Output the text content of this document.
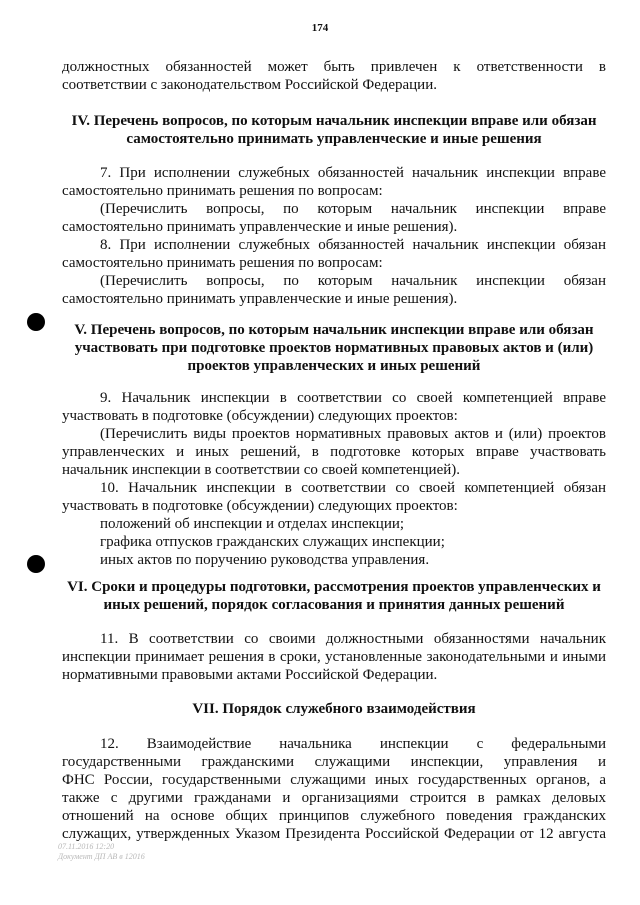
174
должностных обязанностей может быть привлечен к ответственности в
соответствии с законодательством Российской Федерации.
IV. Перечень вопросов, по которым начальник инспекции вправе или обязан
самостоятельно принимать управленческие и иные решения
7. При исполнении служебных обязанностей начальник инспекции вправе
самостоятельно принимать решения по вопросам:
(Перечислить вопросы, по которым начальник инспекции вправе
самостоятельно принимать управленческие и иные решения).
8. При исполнении служебных обязанностей начальник инспекции обязан
самостоятельно принимать решения по вопросам:
(Перечислить вопросы, по которым начальник инспекции обязан
самостоятельно принимать управленческие и иные решения).
V. Перечень вопросов, по которым начальник инспекции вправе или обязан
участвовать при подготовке проектов нормативных правовых актов и (или)
проектов управленческих и иных решений
9. Начальник инспекции в соответствии со своей компетенцией вправе
участвовать в подготовке (обсуждении) следующих проектов:
(Перечислить виды проектов нормативных правовых актов и (или) проектов
управленческих и иных решений, в подготовке которых вправе участвовать
начальник инспекции в соответствии со своей компетенцией).
10. Начальник инспекции в соответствии со своей компетенцией обязан
участвовать в подготовке (обсуждении) следующих проектов:
положений об инспекции и отделах инспекции;
графика отпусков гражданских служащих инспекции;
иных актов по поручению руководства управления.
VI. Сроки и процедуры подготовки, рассмотрения проектов управленческих и
иных решений, порядок согласования и принятия данных решений
11. В соответствии со своими должностными обязанностями начальник
инспекции принимает решения в сроки, установленные законодательными и иными
нормативными правовыми актами Российской Федерации.
VII. Порядок служебного взаимодействия
12. Взаимодействие начальника инспекции с федеральными
государственными гражданскими служащими инспекции, управления и
ФНС России, государственными служащими иных государственных органов, а
также с другими гражданами и организациями строится в рамках деловых
отношений на основе общих принципов служебного поведения гражданских
служащих, утвержденных Указом Президента Российской Федерации от 12 августа
07.11.2016 12:20
Документ ДП АВ в 12016
